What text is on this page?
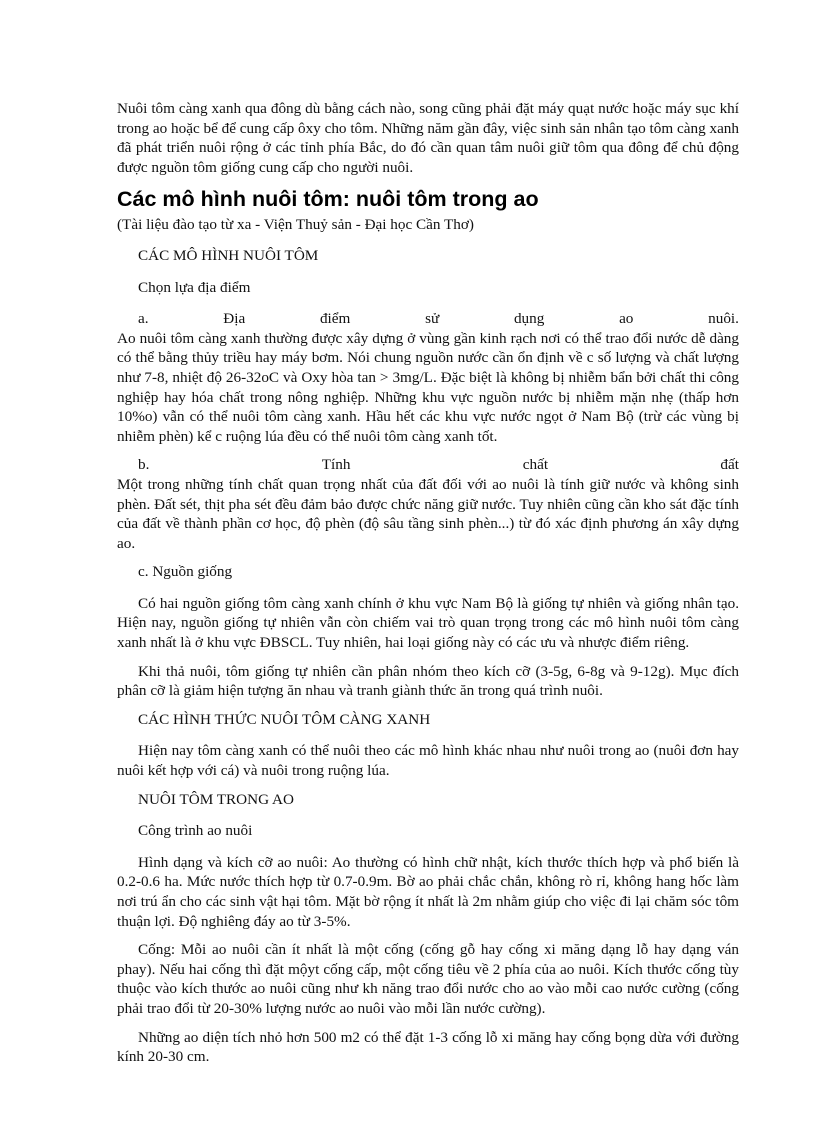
Nuôi tôm càng xanh qua đông dù bằng cách nào, song cũng phải đặt máy quạt nước hoặc máy sục khí trong ao hoặc bể để cung cấp ôxy cho tôm. Những năm gần đây, việc sinh sản nhân tạo tôm càng xanh đã phát triển nuôi rộng ở các tỉnh phía Bắc, do đó cần quan tâm nuôi giữ tôm qua đông để chủ động được nguồn tôm giống cung cấp cho người nuôi.

Các mô hình nuôi tôm: nuôi tôm trong ao

(Tài liệu đào tạo từ xa - Viện Thuỷ sản - Đại học Cần Thơ)

CÁC MÔ HÌNH NUÔI TÔM

Chọn lựa địa điểm

a.	Địa	điểm	sử	dụng	ao	nuôi.

Ao nuôi tôm càng xanh thường được xây dựng ở vùng gần kinh rạch nơi có thể trao đổi nước dễ dàng có thể bằng thủy triều hay máy bơm. Nói chung nguồn nước cần ổn định về c số lượng và chất lượng như 7-8, nhiệt độ 26-32oC và Oxy hòa tan > 3mg/L. Đặc biệt là không bị nhiễm bẩn bởi chất thi công nghiệp hay hóa chất trong nông nghiệp. Những khu vực nguồn nước bị nhiễm mặn nhẹ (thấp hơn 10%o) vẫn có thể nuôi tôm càng xanh. Hầu hết các khu vực nước ngọt ở Nam Bộ (trừ các vùng bị nhiễm phèn) kể c ruộng lúa đều có thể nuôi tôm càng xanh tốt.

b.	Tính	chất	đất

Một trong những tính chất quan trọng nhất của đất đối với ao nuôi là tính giữ nước và không sinh phèn. Đất sét, thịt pha sét đều đảm bảo được chức năng giữ nước. Tuy nhiên cũng cần kho sát đặc tính của đất về thành phần cơ học, độ phèn (độ sâu tầng sinh phèn...) từ đó xác định phương án xây dựng ao.

c. Nguồn giống

Có hai nguồn giống tôm càng xanh chính ở khu vực Nam Bộ là giống tự nhiên và giống nhân tạo. Hiện nay, nguồn giống tự nhiên vẫn còn chiếm vai trò quan trọng trong các mô hình nuôi tôm càng xanh nhất là ở khu vực ĐBSCL. Tuy nhiên, hai loại giống này có các ưu và nhược điểm riêng.

Khi thả nuôi, tôm giống tự nhiên cần phân nhóm theo kích cỡ (3-5g, 6-8g và 9-12g). Mục đích phân cỡ là giảm hiện tượng ăn nhau và tranh giành thức ăn trong quá trình nuôi.

CÁC HÌNH THỨC NUÔI TÔM CÀNG XANH

Hiện nay tôm càng xanh có thể nuôi theo các mô hình khác nhau như nuôi trong ao (nuôi đơn hay nuôi kết hợp với cá) và nuôi trong ruộng lúa.

NUÔI TÔM TRONG AO

Công trình ao nuôi

Hình dạng và kích cỡ ao nuôi: Ao thường có hình chữ nhật, kích thước thích hợp và phổ biến là 0.2-0.6 ha. Mức nước thích hợp từ 0.7-0.9m. Bờ ao phải chắc chắn, không rò rỉ, không hang hốc làm nơi trú ẩn cho các sinh vật hại tôm. Mặt bờ rộng ít nhất là 2m nhằm giúp cho việc đi lại chăm sóc tôm thuận lợi. Độ nghiêng đáy ao từ 3-5%.

Cống: Mỗi ao nuôi cần ít nhất là một cống (cống gỗ hay cống xi măng dạng lỗ hay dạng ván phay). Nếu hai cống thì đặt mộyt cống cấp, một cống tiêu về 2 phía của ao nuôi. Kích thước cống tùy thuộc vào kích thước ao nuôi cũng như kh năng trao đổi nước cho ao vào mỗi cao nước cường (cống phải trao đổi từ 20-30% lượng nước ao nuôi vào mỗi lần nước cường).

Những ao diện tích nhỏ hơn 500 m2 có thể đặt 1-3 cống lỗ xi măng hay cống bọng dừa với đường kính 20-30 cm.
